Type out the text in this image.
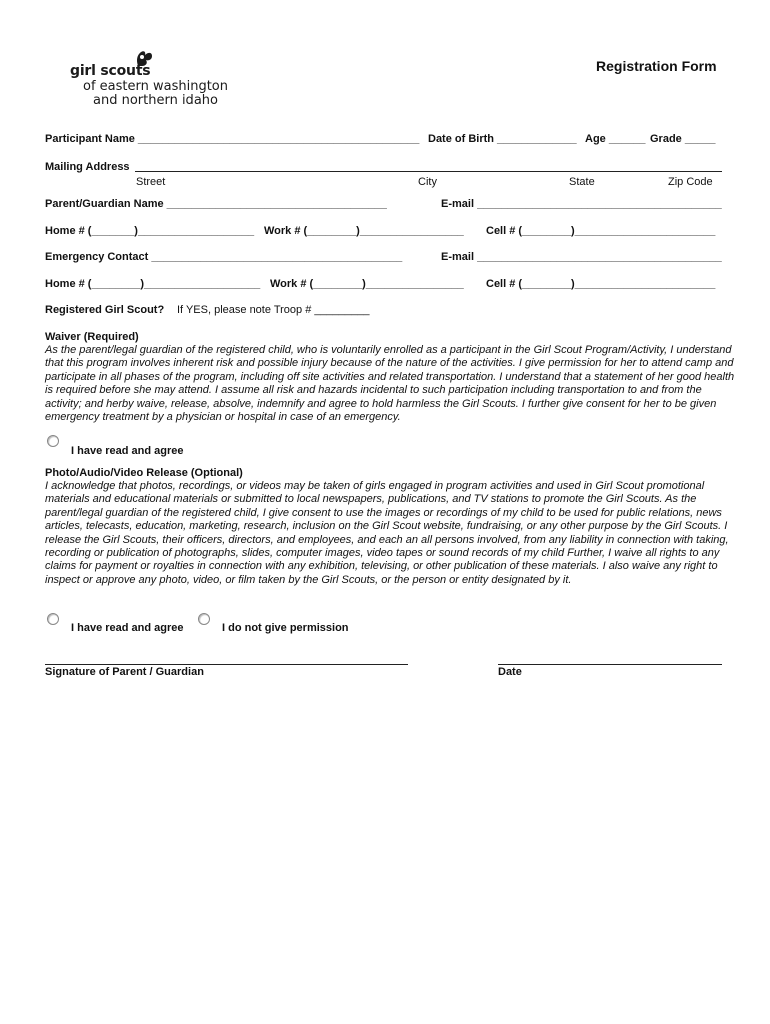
girl scouts
of eastern washington
and northern idaho
Registration Form
Participant Name ______________________________________________ Date of Birth _____________ Age ______ Grade _____
Mailing Address
Street	City	State	Zip Code
Parent/Guardian Name ____________________________________	E-mail ________________________________________
Home # (_______)___________________ Work # (________)_________________ Cell # (________)_______________________
Emergency Contact _________________________________________	E-mail ________________________________________
Home # (________)___________________ Work # (________)________________ Cell # (________)_______________________
Registered Girl Scout? If YES, please note Troop # _________
Waiver (Required)
As the parent/legal guardian of the registered child, who is voluntarily enrolled as a participant in the Girl Scout Program/Activity, I understand that this program involves inherent risk and possible injury because of the nature of the activities. I give permission for her to attend camp and participate in all phases of the program, including off site activities and related transportation. I understand that a statement of her good health is required before she may attend. I assume all risk and hazards incidental to such participation including transportation to and from the activity; and herby waive, release, absolve, indemnify and agree to hold harmless the Girl Scouts. I further give consent for her to be given emergency treatment by a physician or hospital in case of an emergency.
I have read and agree
Photo/Audio/Video Release (Optional)
I acknowledge that photos, recordings, or videos may be taken of girls engaged in program activities and used in Girl Scout promotional materials and educational materials or submitted to local newspapers, publications, and TV stations to promote the Girl Scouts. As the parent/legal guardian of the registered child, I give consent to use the images or recordings of my child to be used for public relations, news articles, telecasts, education, marketing, research, inclusion on the Girl Scout website, fundraising, or any other purpose by the Girl Scouts. I release the Girl Scouts, their officers, directors, and employees, and each an all persons involved, from any liability in connection with taking, recording or publication of photographs, slides, computer images, video tapes or sound records of my child Further, I waive all rights to any claims for payment or royalties in connection with any exhibition, televising, or other publication of these materials. I also waive any right to inspect or approve any photo, video, or film taken by the Girl Scouts, or the person or entity designated by it.
I have read and agree	I do not give permission
Signature of Parent / Guardian	Date
